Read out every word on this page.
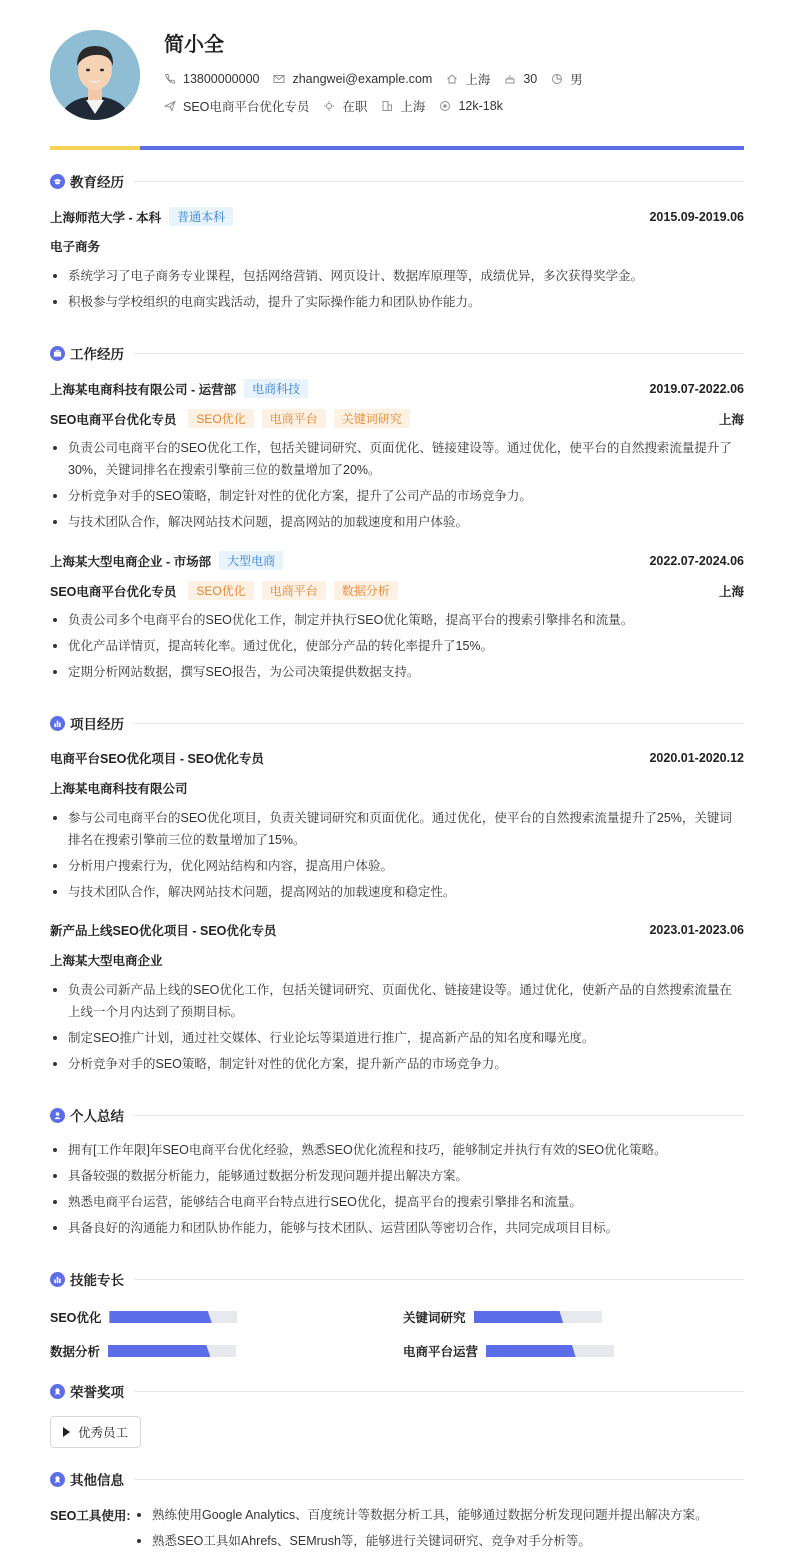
简小全
13800000000	zhangwei@example.com	上海	30	男
SEO电商平台优化专员	在职	上海	12k-18k
教育经历
上海师范大学 - 本科	普通本科	2015.09-2019.06
电子商务
系统学习了电子商务专业课程，包括网络营销、网页设计、数据库原理等，成绩优异，多次获得奖学金。
积极参与学校组织的电商实践活动，提升了实际操作能力和团队协作能力。
工作经历
上海某电商科技有限公司 - 运营部	电商科技	2019.07-2022.06
SEO电商平台优化专员	SEO优化	电商平台	关键词研究	上海
负责公司电商平台的SEO优化工作，包括关键词研究、页面优化、链接建设等。通过优化，使平台的自然搜索流量提升了30%，关键词排名在搜索引擎前三位的数量增加了20%。
分析竞争对手的SEO策略，制定针对性的优化方案，提升了公司产品的市场竞争力。
与技术团队合作，解决网站技术问题，提高网站的加载速度和用户体验。
上海某大型电商企业 - 市场部	大型电商	2022.07-2024.06
SEO电商平台优化专员	SEO优化	电商平台	数据分析	上海
负责公司多个电商平台的SEO优化工作，制定并执行SEO优化策略，提高平台的搜索引擎排名和流量。
优化产品详情页，提高转化率。通过优化，使部分产品的转化率提升了15%。
定期分析网站数据，撰写SEO报告，为公司决策提供数据支持。
项目经历
电商平台SEO优化项目 - SEO优化专员	2020.01-2020.12
上海某电商科技有限公司
参与公司电商平台的SEO优化项目，负责关键词研究和页面优化。通过优化，使平台的自然搜索流量提升了25%，关键词排名在搜索引擎前三位的数量增加了15%。
分析用户搜索行为，优化网站结构和内容，提高用户体验。
与技术团队合作，解决网站技术问题，提高网站的加载速度和稳定性。
新产品上线SEO优化项目 - SEO优化专员	2023.01-2023.06
上海某大型电商企业
负责公司新产品上线的SEO优化工作，包括关键词研究、页面优化、链接建设等。通过优化，使新产品的自然搜索流量在上线一个月内达到了预期目标。
制定SEO推广计划，通过社交媒体、行业论坛等渠道进行推广，提高新产品的知名度和曝光度。
分析竞争对手的SEO策略，制定针对性的优化方案，提升新产品的市场竞争力。
个人总结
拥有[工作年限]年SEO电商平台优化经验，熟悉SEO优化流程和技巧，能够制定并执行有效的SEO优化策略。
具备较强的数据分析能力，能够通过数据分析发现问题并提出解决方案。
熟悉电商平台运营，能够结合电商平台特点进行SEO优化，提高平台的搜索引擎排名和流量。
具备良好的沟通能力和团队协作能力，能够与技术团队、运营团队等密切合作，共同完成项目目标。
技能专长
SEO优化	关键词研究
数据分析	电商平台运营
荣誉奖项
优秀员工
其他信息
SEO工具使用:	熟练使用Google Analytics、百度统计等数据分析工具，能够通过数据分析发现问题并提出解决方案。
熟悉SEO工具如Ahrefs、SEMrush等，能够进行关键词研究、竞争对手分析等。
